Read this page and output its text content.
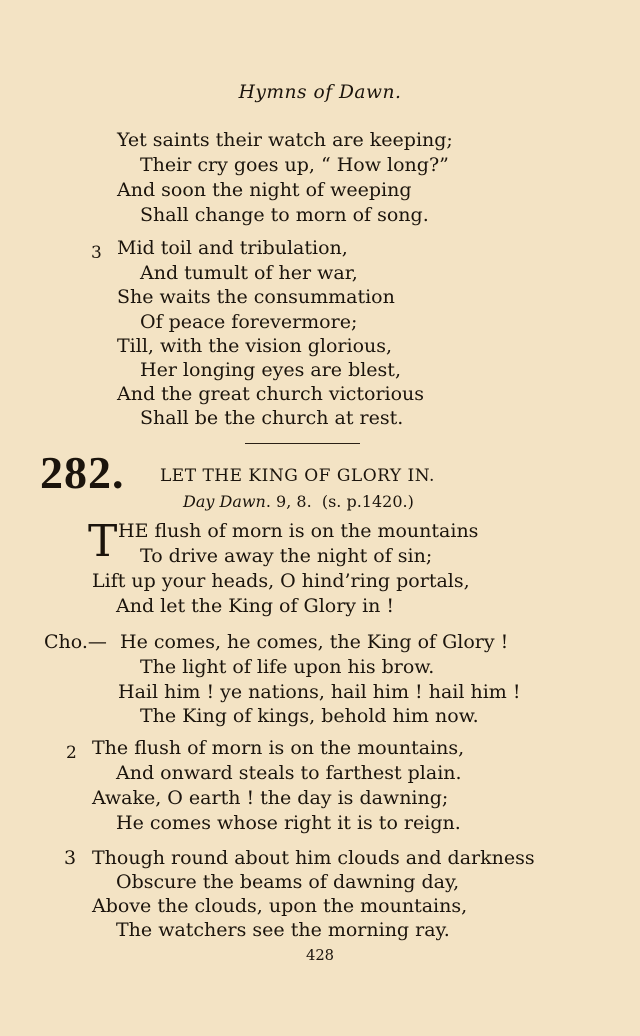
Hymns of Dawn.
Yet saints their watch are keeping;
Their cry goes up, “ How long?”
And soon the night of weeping
Shall change to morn of song.
3 Mid toil and tribulation,
And tumult of her war,
She waits the consummation
Of peace forevermore;
Till, with the vision glorious,
Her longing eyes are blest,
And the great church victorious
Shall be the church at rest.
282. LET THE KING OF GLORY IN.
Day Dawn. 9, 8. (s. p.1420.)
T HE flush of morn is on the mountains
To drive away the night of sin;
Lift up your heads, O hind’ring portals,
And let the King of Glory in !
Cho.— He comes, he comes, the King of Glory !
The light of life upon his brow.
Hail him ! ye nations, hail him ! hail him !
The King of kings, behold him now.
2 The flush of morn is on the mountains,
And onward steals to farthest plain.
Awake, O earth ! the day is dawning;
He comes whose right it is to reign.
3 Though round about him clouds and darkness
Obscure the beams of dawning day,
Above the clouds, upon the mountains,
The watchers see the morning ray.
428
